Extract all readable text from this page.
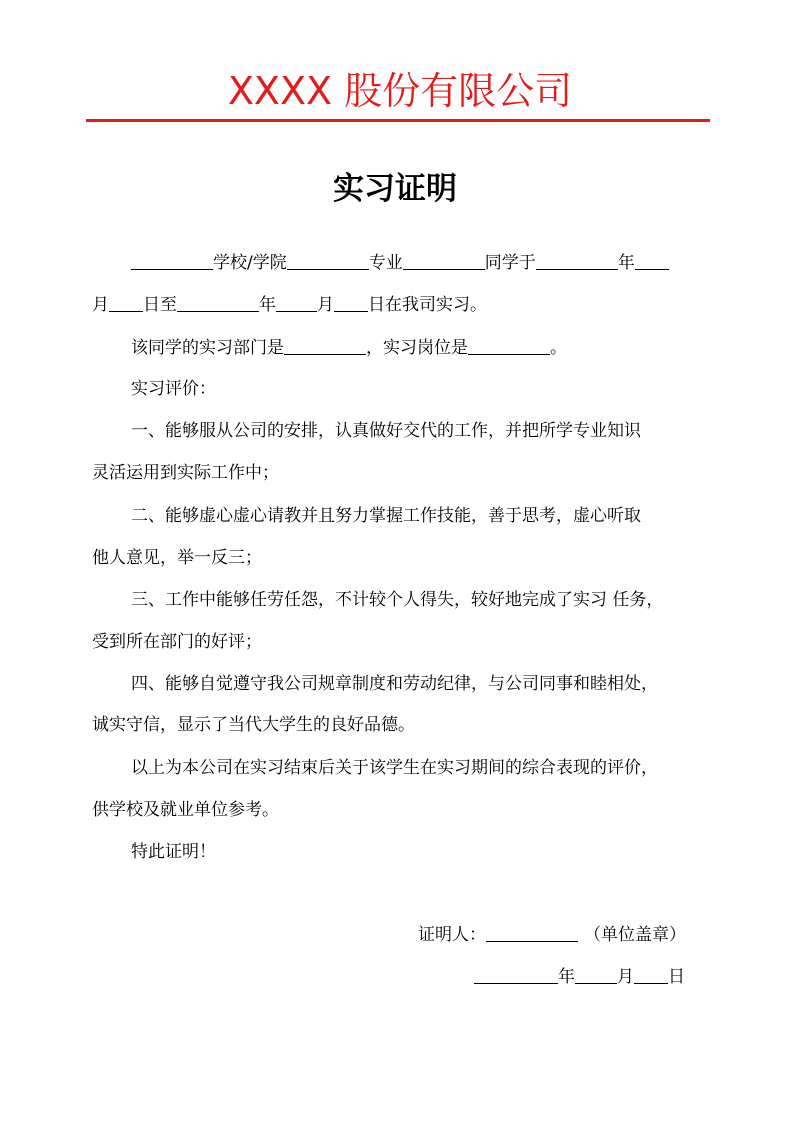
XXXX 股份有限公司
实习证明
学校/学院	专业	同学于	年
月 日至	年 月 日在我司实习。
该同学的实习部门是	，实习岗位是	。
实习评价：
一、能够服从公司的安排，认真做好交代的工作，并把所学专业知识
灵活运用到实际工作中；
二、能够虚心虚心请教并且努力掌握工作技能，善于思考，虚心听取
他人意见，举一反三；
三、工作中能够任劳任怨，不计较个人得失，较好地完成了实习 任务，
受到所在部门的好评；
四、能够自觉遵守我公司规章制度和劳动纪律，与公司同事和睦相处，
诚实守信，显示了当代大学生的良好品德。
以上为本公司在实习结束后关于该学生在实习期间的综合表现的评价，
供学校及就业单位参考。
特此证明！
证明人：	（单位盖章）
年 月 日
